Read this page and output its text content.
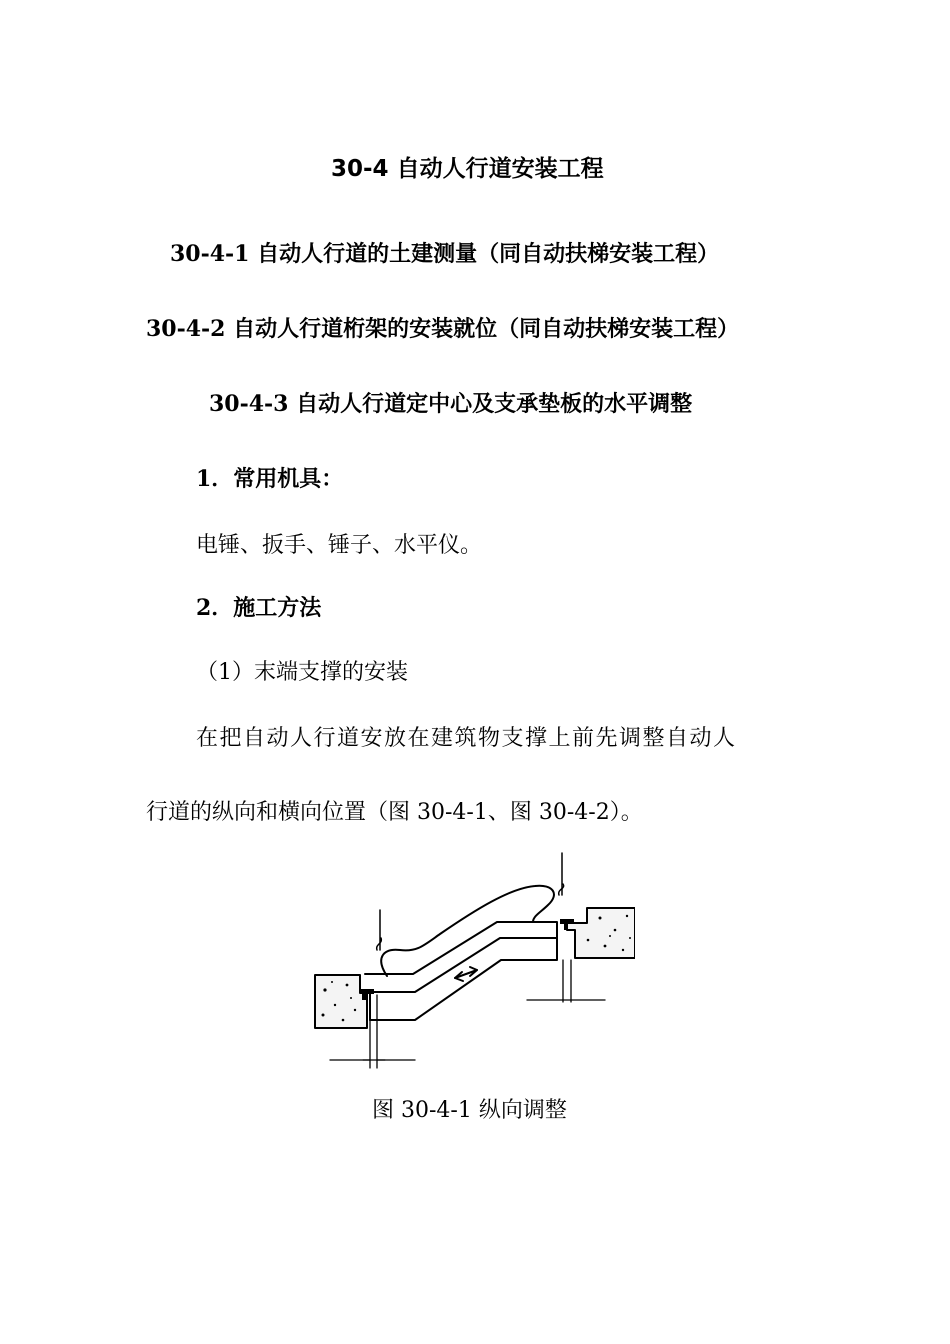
30-4 自动人行道安装工程
30-4-1 自动人行道的土建测量（同自动扶梯安装工程）
30-4-2 自动人行道桁架的安装就位（同自动扶梯安装工程）
30-4-3 自动人行道定中心及支承垫板的水平调整
1．常用机具：
电锤、扳手、锤子、水平仪。
2．施工方法
（1）末端支撑的安装
在把自动人行道安放在建筑物支撑上前先调整自动人
行道的纵向和横向位置（图 30-4-1、图 30-4-2）。
图 30-4-1 纵向调整
